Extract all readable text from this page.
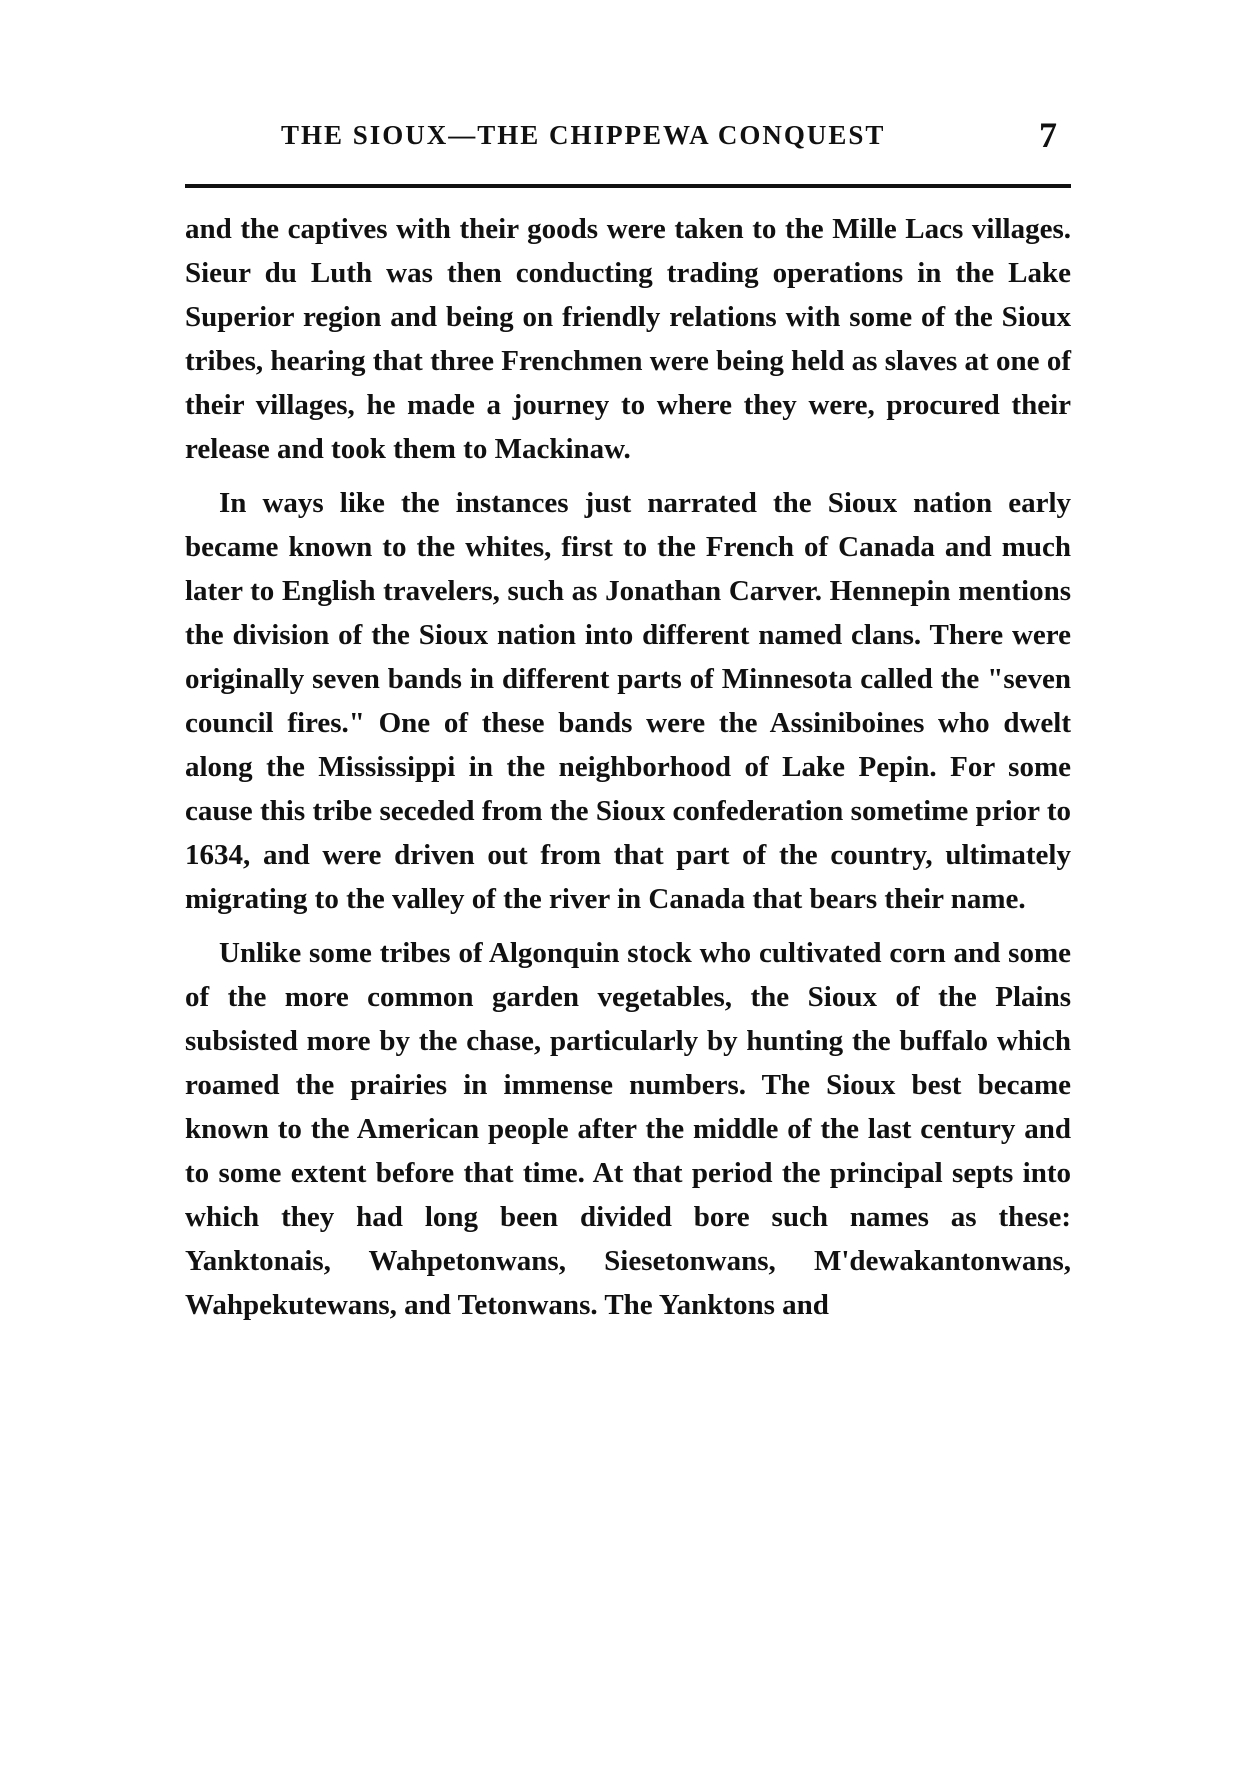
THE SIOUX—THE CHIPPEWA CONQUEST	7

and the captives with their goods were taken to the Mille Lacs villages. Sieur du Luth was then conducting trading operations in the Lake Superior region and being on friendly relations with some of the Sioux tribes, hearing that three Frenchmen were being held as slaves at one of their villages, he made a journey to where they were, procured their release and took them to Mackinaw.

In ways like the instances just narrated the Sioux nation early became known to the whites, first to the French of Canada and much later to English travelers, such as Jonathan Carver. Hennepin mentions the division of the Sioux nation into different named clans. There were originally seven bands in different parts of Minnesota called the "seven council fires." One of these bands were the Assiniboines who dwelt along the Mississippi in the neighborhood of Lake Pepin. For some cause this tribe seceded from the Sioux confederation sometime prior to 1634, and were driven out from that part of the country, ultimately migrating to the valley of the river in Canada that bears their name.

Unlike some tribes of Algonquin stock who cultivated corn and some of the more common garden vegetables, the Sioux of the Plains subsisted more by the chase, particularly by hunting the buffalo which roamed the prairies in immense numbers. The Sioux best became known to the American people after the middle of the last century and to some extent before that time. At that period the principal septs into which they had long been divided bore such names as these: Yanktonais, Wahpetonwans, Siesetonwans, M'dewakantonwans, Wahpekutewans, and Tetonwans. The Yanktons and
